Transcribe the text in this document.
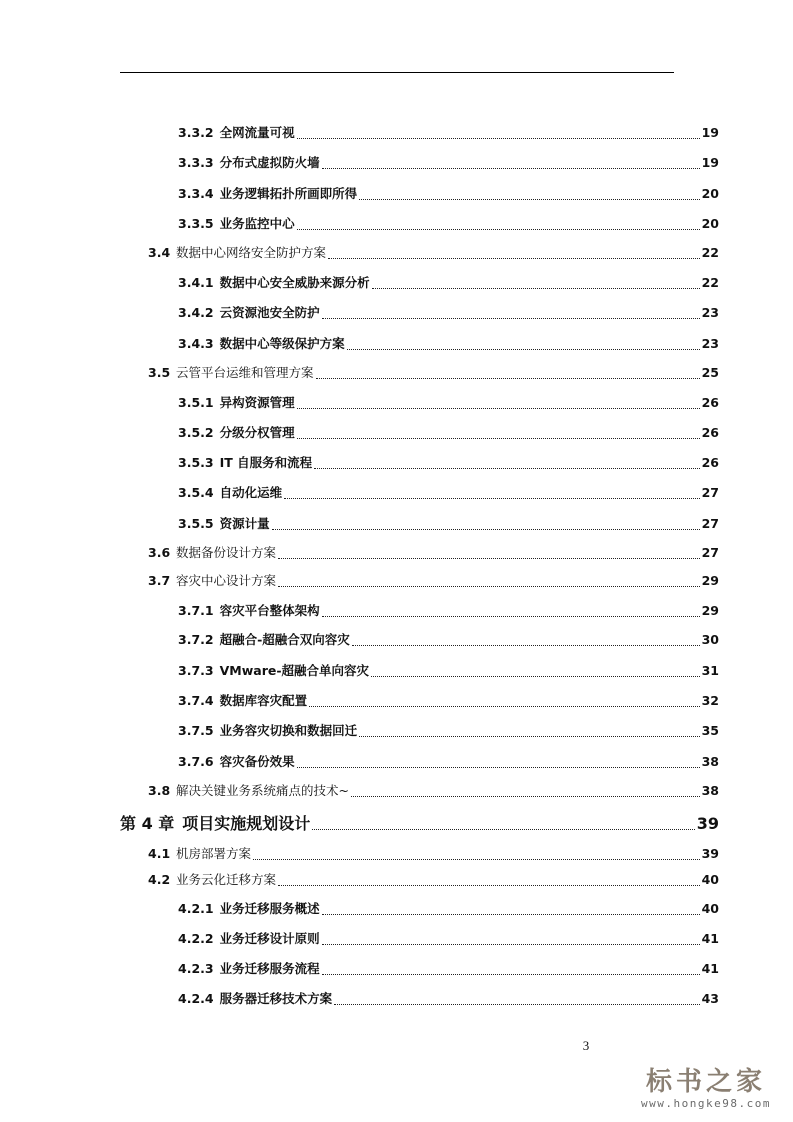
3.3.2 全网流量可视	19
3.3.3 分布式虚拟防火墙	19
3.3.4 业务逻辑拓扑所画即所得	20
3.3.5 业务监控中心	20
3.4 数据中心网络安全防护方案	22
3.4.1 数据中心安全威胁来源分析	22
3.4.2 云资源池安全防护	23
3.4.3 数据中心等级保护方案	23
3.5 云管平台运维和管理方案	25
3.5.1 异构资源管理	26
3.5.2 分级分权管理	26
3.5.3 IT 自服务和流程	26
3.5.4 自动化运维	27
3.5.5 资源计量	27
3.6 数据备份设计方案	27
3.7 容灾中心设计方案	29
3.7.1 容灾平台整体架构	29
3.7.2 超融合-超融合双向容灾	30
3.7.3 VMware-超融合单向容灾	31
3.7.4 数据库容灾配置	32
3.7.5 业务容灾切换和数据回迁	35
3.7.6 容灾备份效果	38
3.8 解决关键业务系统痛点的技术~	38
第 4 章 项目实施规划设计	39
4.1 机房部署方案	39
4.2 业务云化迁移方案	40
4.2.1 业务迁移服务概述	40
4.2.2 业务迁移设计原则	41
4.2.3 业务迁移服务流程	41
4.2.4 服务器迁移技术方案	43
3
标书之家
www.hongke98.com
